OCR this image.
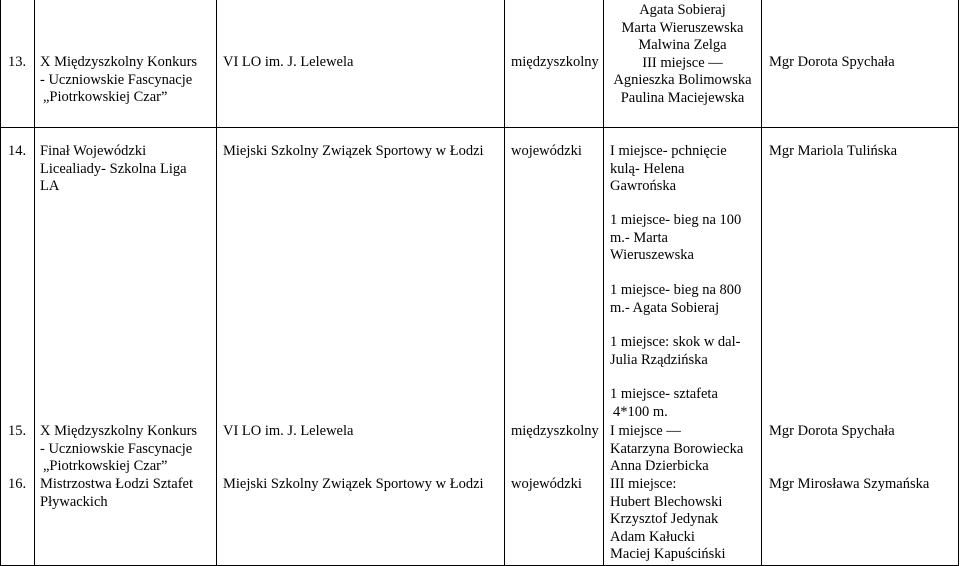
13. X Międzyszkolny Konkurs
- Uczniowskie Fascynacje
„Piotrkowskiej Czar”
VI LO im. J. Lelewela	międzyszkolny
Agata Sobieraj
Marta Wieruszewska
Malwina Zelga
III miejsce —
Agnieszka Bolimowska
Paulina Maciejewska
Mgr Dorota Spychała
14. Finał Wojewódzki
Licealiady- Szkolna Liga
LA
Miejski Szkolny Związek Sportowy w Łodzi wojewódzki I miejsce- pchnięcie
kulą- Helena
Gawrońska
1 miejsce- bieg na 100
m.- Marta
Wieruszewska
1 miejsce- bieg na 800
m.- Agata Sobieraj
1 miejsce: skok w dal-
Julia Rządzińska
1 miejsce- sztafeta
4*100 m.
Mgr Mariola Tulińska
15. X Międzyszkolny Konkurs
- Uczniowskie Fascynacje
„Piotrkowskiej Czar”
VI LO im. J. Lelewela	międzyszkolny I miejsce —
Katarzyna Borowiecka
Anna Dzierbicka
Mgr Dorota Spychała
16. Mistrzostwa Łodzi Sztafet
Pływackich
Miejski Szkolny Związek Sportowy w Łodzi wojewódzki III miejsce:
Hubert Blechowski
Krzysztof Jedynak
Adam Kałucki
Maciej Kapuściński
Mgr Mirosława Szymańska
